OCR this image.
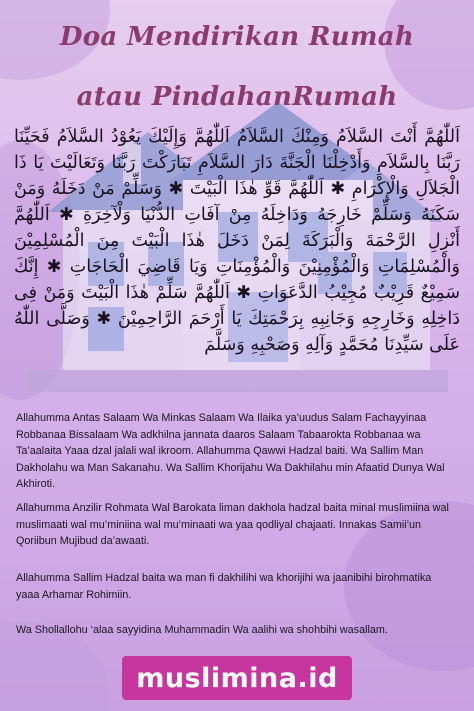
Doa Mendirikan Rumah
atau PindahanRumah
اَللّٰهُمَّ أَنْتَ السَّلاَمُ وَمِنْكَ السَّلاَمُ اَللّٰهُمَّ وَإِلَيْكَ يَعُوْدُ السَّلاَمُ فَحَيِّنَا رَبَّنَا بِالسَّلاَمِ وَأَدْخِلْنَا الْجَنَّةَ دَارَ السَّلاَمِ تَبَارَكْتَ رَبَّنَا وَتَعَالَيْتَ يَا ذَا الْجَلاَلِ وَالْإِكْرَامِ ✱ اَللّٰهُمَّ قَوِّ هٰذَا الْبَيْتَ ✱ وَسَلِّمْ مَنْ دَخَلَهُ وَمَنْ سَكَنَهُ وَسَلِّمْ خَارِجَهُ وَدَاخِلَهُ مِنْ آفَاتِ الدُّنْيَا وَلْآخِرَةِ ✱ اَللّٰهُمَّ أَنْزِلِ الرَّحْمَةَ وَالْبَرَكَةَ لِمَنْ دَخَلَ هٰذَا الْبَيْتَ مِنَ الْمُسْلِمِيْنَ وَالْمُسْلِمَاتِ وَالْمُؤْمِنِيْنَ وَالْمُؤْمِنَاتِ وَيَا قَاضِيَ الْحَاجَاتِ ✱ إِنَّكَ سَمِيْعٌ قَرِيْبٌ مُجِيْبُ الدَّعَوَاتِ ✱ اَللّٰهُمَّ سَلِّمْ هٰذَا الْبَيْتَ وَمَنْ فِى دَاخِلِهِ وَخَارِجِهِ وَجَانِبِهِ بِرَحْمَتِكَ يَا أَرْحَمَ الرَّاحِمِيْنَ ✱ وَصَلَّى اللّٰهُ عَلَى سَيِّدِنَا مُحَمَّدٍ وَآلِهِ وَصَحْبِهِ وَسَلَّمَ

Allahumma Antas Salaam Wa Minkas Salaam Wa Ilaika ya’uudus Salam Fachayyinaa Robbanaa Bissalaam Wa adkhilna jannata daaros Salaam Tabaarokta Robbanaa wa Ta’aalaita Yaaa dzal jalali wal ikroom. Allahumma Qawwi Hadzal baiti. Wa Sallim Man Dakholahu wa Man Sakanahu. Wa Sallim Khorijahu Wa Dakhilahu min Afaatid Dunya Wal Akhiroti.

Allahumma Anzilir Rohmata Wal Barokata liman dakhola hadzal baita minal muslimiina wal muslimaati wal mu’miniina wal mu’minaati wa yaa qodliyal chajaati. Innakas Samii’un Qoriibun Mujibud da’awaati.

Allahumma Sallim Hadzal baita wa man fi dakhilihi wa khorijihi wa jaanibihi birohmatika yaaa Arhamar Rohimiin.

Wa Shollallohu ‘alaa sayyidina Muhammadin Wa aalihi wa shohbihi wasallam.

muslimina.id
